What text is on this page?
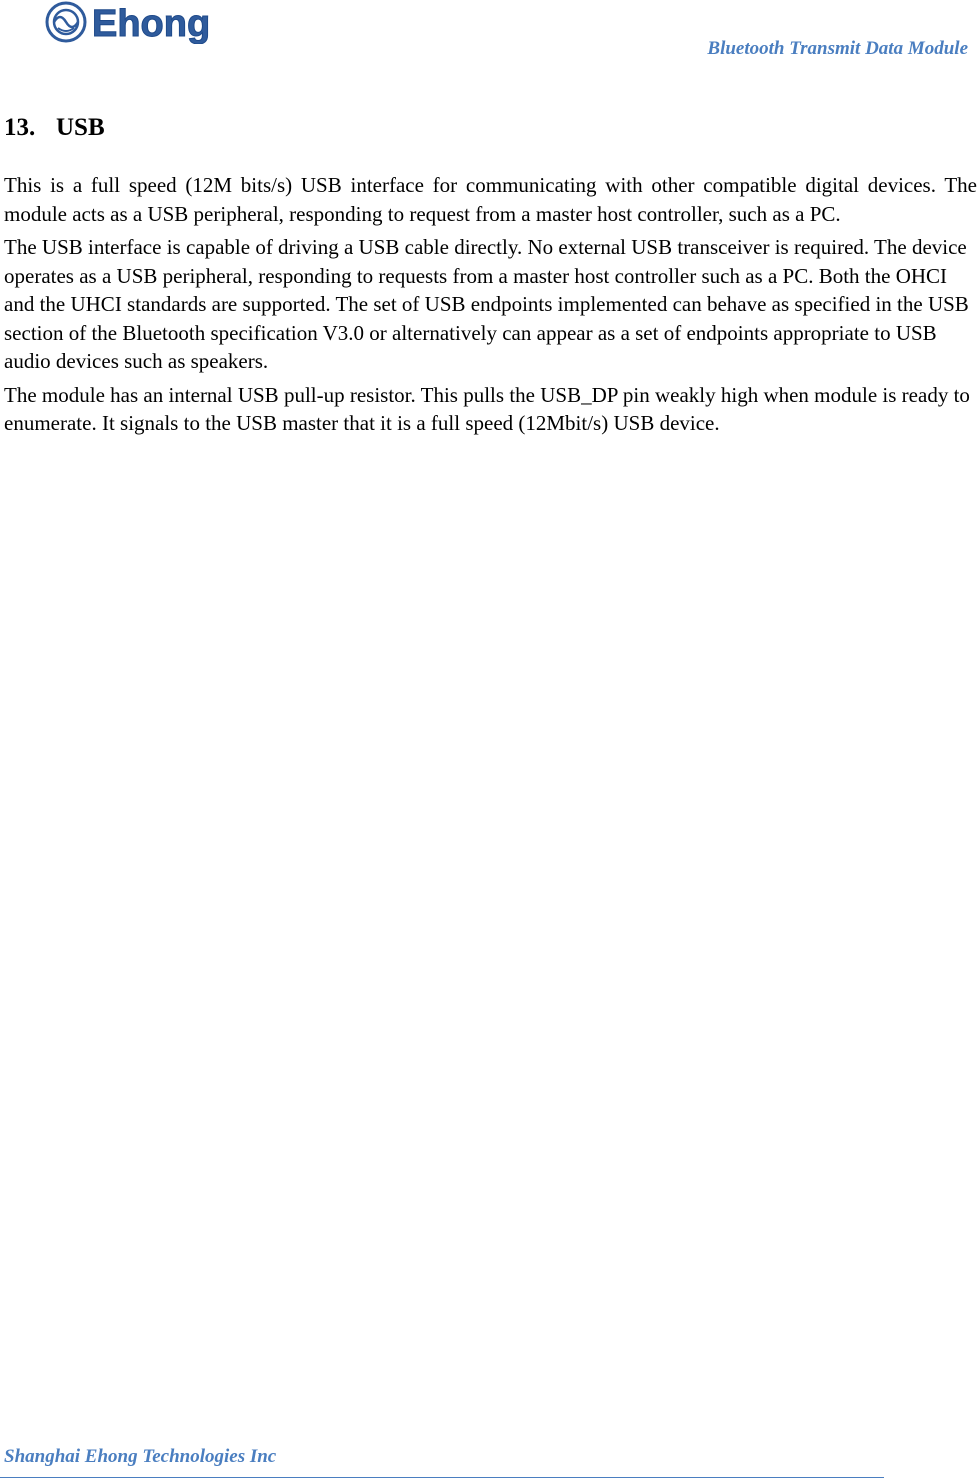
Ehong
Bluetooth Transmit Data Module
13. USB

This is a full speed (12M bits/s) USB interface for communicating with other compatible digital devices. The module acts as a USB peripheral, responding to request from a master host controller, such as a PC.

The USB interface is capable of driving a USB cable directly. No external USB transceiver is required. The device operates as a USB peripheral, responding to requests from a master host controller such as a PC. Both the OHCI and the UHCI standards are supported. The set of USB endpoints implemented can behave as specified in the USB section of the Bluetooth specification V3.0 or alternatively can appear as a set of endpoints appropriate to USB audio devices such as speakers.

The module has an internal USB pull-up resistor. This pulls the USB_DP pin weakly high when module is ready to enumerate. It signals to the USB master that it is a full speed (12Mbit/s) USB device.

Shanghai Ehong Technologies Inc
